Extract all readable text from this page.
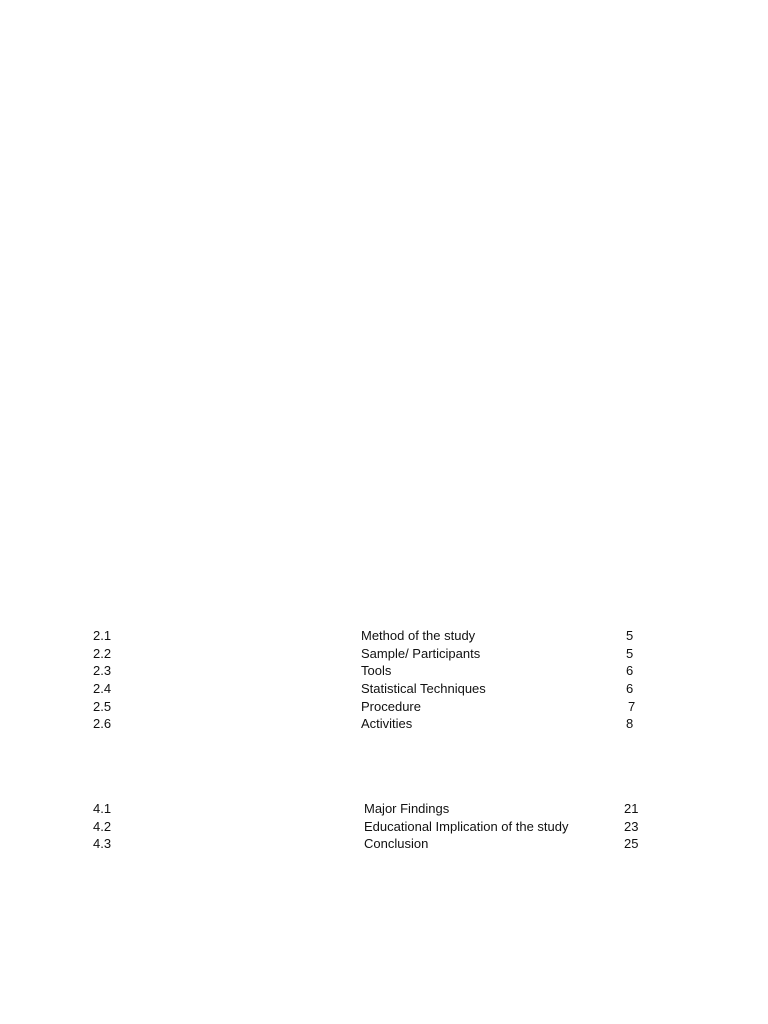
2.1	Method of the study	5
2.2	Sample/ Participants	5
2.3	Tools	6
2.4	Statistical Techniques	6
2.5	Procedure	7
2.6	Activities	8
4.1	Major Findings	21
4.2	Educational Implication of the study	23
4.3	Conclusion	25
